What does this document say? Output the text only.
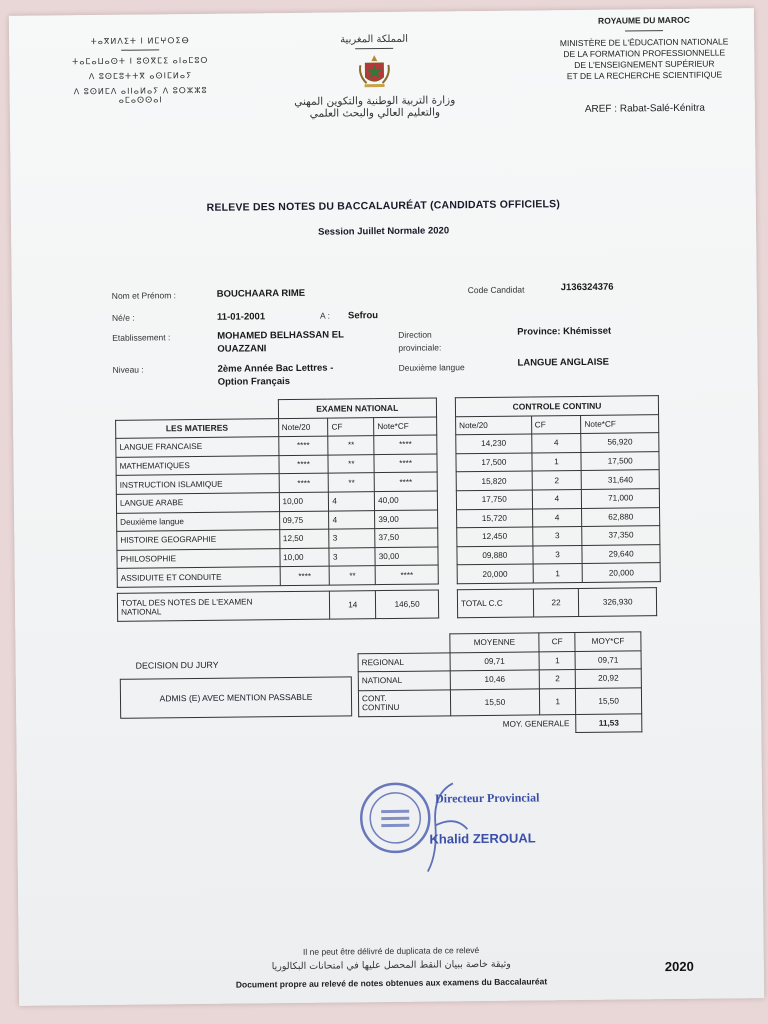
ⵜⴰⴳⵍⴷⵉⵜ ⵏ ⵍⵎⵖⵔⵉⴱ
ⵜⴰⵎⴰⵡⴰⵙⵜ ⵏ ⵓⵙⴳⵎⵉ ⴰⵏⴰⵎⵓⵔ
ⴷ ⵓⵙⵎⵓⵜⵜⴳ ⴰⵙⵏⵎⵍⴰⵢ
ⴷ ⵓⵙⵍⵎⴷ ⴰⵏⵏⴰⵍⴰⵢ ⴷ ⵓⵔⵣⵣⵓ ⴰⵎⴰⵙⵙⴰⵏ
المملكة المغربية
وزارة التربية الوطنية والتكوين المهني
والتعليم العالي والبحث العلمي
ROYAUME DU MAROC
MINISTÈRE DE L'ÉDUCATION NATIONALE
DE LA FORMATION PROFESSIONNELLE
DE L'ENSEIGNEMENT SUPÉRIEUR
ET DE LA RECHERCHE SCIENTIFIQUE
AREF : Rabat-Salé-Kénitra
RELEVE DES NOTES DU BACCALAURÉAT (CANDIDATS OFFICIELS)
Session Juillet Normale 2020
Nom et Prénom :	BOUCHAARA RIME	Code Candidat	J136324376
Né/e :	11-01-2001	A : Sefrou
Etablissement :	MOHAMED BELHASSAN EL
OUAZZANI
Direction
provinciale:
Province: Khémisset
Niveau :	2ème Année Bac Lettres -
Option Français
Deuxième langue	LANGUE ANGLAISE
	EXAMEN NATIONAL		
LES MATIERES	Note/20	CF	Note*CF
LANGUE FRANCAISE	****	**	****
MATHEMATIQUES	****	**	****
INSTRUCTION ISLAMIQUE	****	**	****
LANGUE ARABE	10,00	4	40,00
Deuxième langue	09,75	4	39,00
HISTOIRE GEOGRAPHIE	12,50	3	37,50
PHILOSOPHIE	10,00	3	30,00
ASSIDUITE ET CONDUITE	****	**	****
TOTAL DES NOTES DE L'EXAMEN
NATIONAL
	14	146,50
CONTROLE CONTINU		
Note/20	CF	Note*CF
14,230	4	56,920
17,500	1	17,500
15,820	2	31,640
17,750	4	71,000
15,720	4	62,880
12,450	3	37,350
09,880	3	29,640
20,000	1	20,000
TOTAL C.C	22	326,930
DECISION DU JURY
ADMIS (E) AVEC MENTION PASSABLE
	MOYENNE	CF	MOY*CF
REGIONAL	09,71	1	09,71
NATIONAL	10,46	2	20,92

CONT.
CONTINU	15,50	1	15,50
	MOY. GENERALE		11,53
Directeur Provincial
Khalid ZEROUAL
Il ne peut être délivré de duplicata de ce relevé
وثيقة خاصة ببيان النقط المحصل عليها في امتحانات البكالوريا
Document propre au relevé de notes obtenues aux examens du Baccalauréat
2020
